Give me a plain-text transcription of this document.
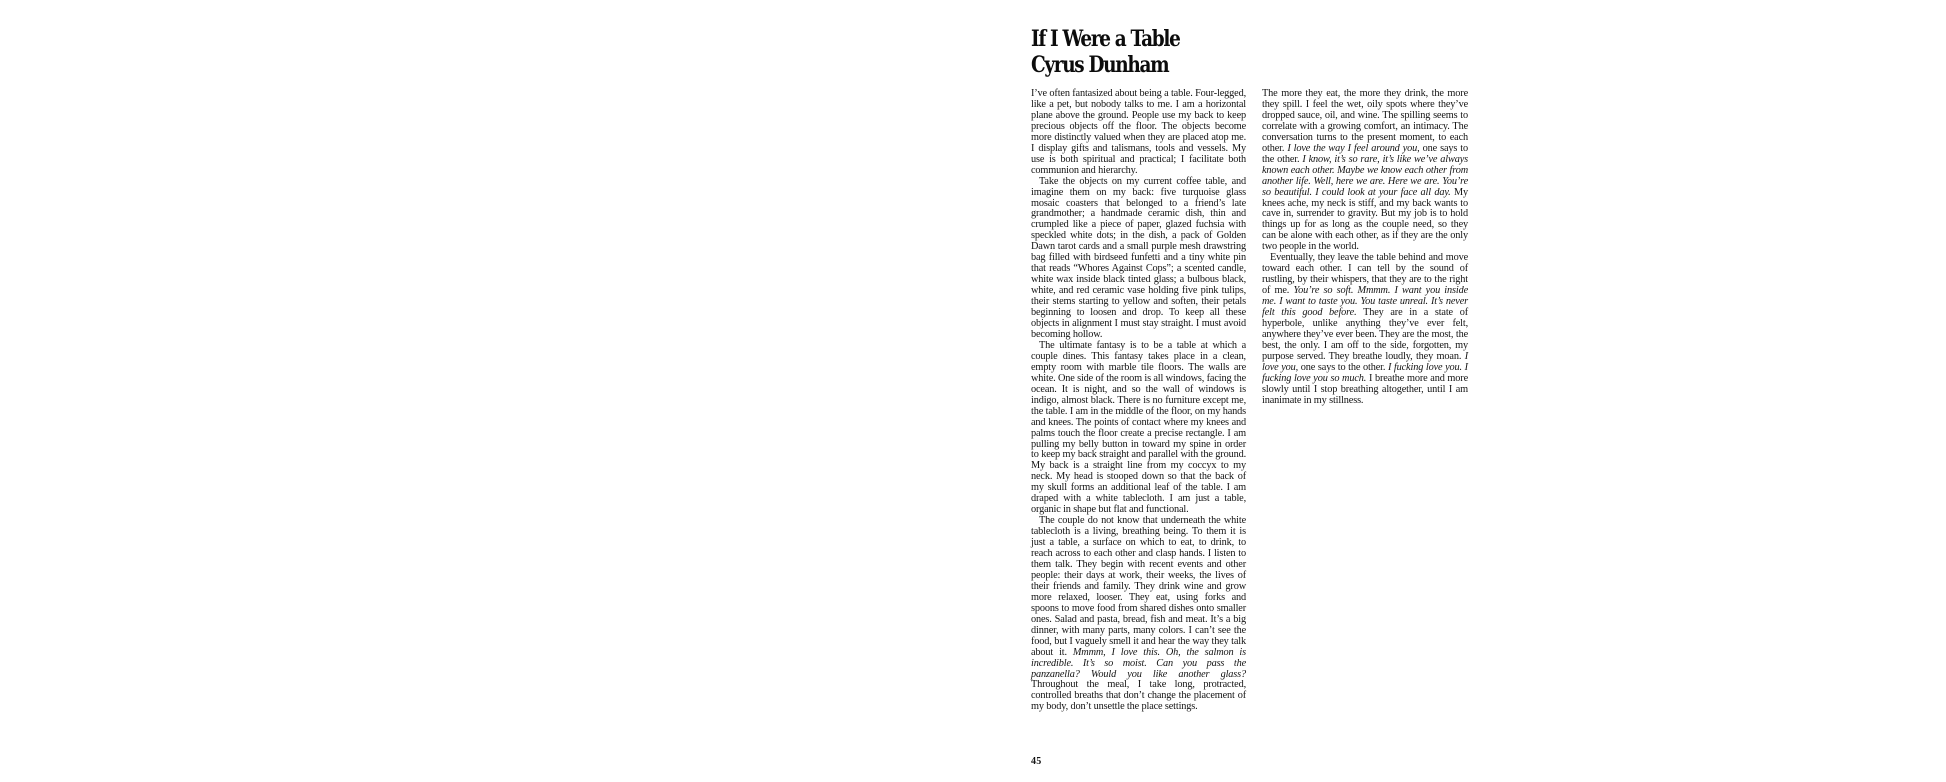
If I Were a Table
Cyrus Dunham

I’ve often fantasized about being a table. Four-legged, like a pet, but nobody talks to me. I am a horizontal plane above the ground. People use my back to keep precious objects off the floor. The objects become more distinctly valued when they are placed atop me. I display gifts and talismans, tools and vessels. My use is both spiritual and practical; I facilitate both communion and hierarchy.

Take the objects on my current coffee table, and imagine them on my back: five turquoise glass mosaic coasters that belonged to a friend’s late grandmother; a handmade ceramic dish, thin and crumpled like a piece of paper, glazed fuchsia with speckled white dots; in the dish, a pack of Golden Dawn tarot cards and a small purple mesh drawstring bag filled with birdseed funfetti and a tiny white pin that reads “Whores Against Cops”; a scented candle, white wax inside black tinted glass; a bulbous black, white, and red ceramic vase holding five pink tulips, their stems starting to yellow and soften, their petals beginning to loosen and drop. To keep all these objects in alignment I must stay straight. I must avoid becoming hollow.

The ultimate fantasy is to be a table at which a couple dines. This fantasy takes place in a clean, empty room with marble tile floors. The walls are white. One side of the room is all windows, facing the ocean. It is night, and so the wall of windows is indigo, almost black. There is no furniture except me, the table. I am in the middle of the floor, on my hands and knees. The points of contact where my knees and palms touch the floor create a precise rectangle. I am pulling my belly button in toward my spine in order to keep my back straight and parallel with the ground. My back is a straight line from my coccyx to my neck. My head is stooped down so that the back of my skull forms an additional leaf of the table. I am draped with a white tablecloth. I am just a table, organic in shape but flat and functional.

The couple do not know that underneath the white tablecloth is a living, breathing being. To them it is just a table, a surface on which to eat, to drink, to reach across to each other and clasp hands. I listen to them talk. They begin with recent events and other people: their days at work, their weeks, the lives of their friends and family. They drink wine and grow more relaxed, looser. They eat, using forks and spoons to move food from shared dishes onto smaller ones. Salad and pasta, bread, fish and meat. It’s a big dinner, with many parts, many colors. I can’t see the food, but I vaguely smell it and hear the way they talk about it. Mmmm, I love this. Oh, the salmon is incredible. It’s so moist. Can you pass the panzanella? Would you like another glass? Throughout the meal, I take long, protracted, controlled breaths that don’t change the placement of my body, don’t unsettle the place settings.

The more they eat, the more they drink, the more they spill. I feel the wet, oily spots where they’ve dropped sauce, oil, and wine. The spilling seems to correlate with a growing comfort, an intimacy. The conversation turns to the present moment, to each other. I love the way I feel around you, one says to the other. I know, it’s so rare, it’s like we’ve always known each other. Maybe we know each other from another life. Well, here we are. Here we are. You’re so beautiful. I could look at your face all day. My knees ache, my neck is stiff, and my back wants to cave in, surrender to gravity. But my job is to hold things up for as long as the couple need, so they can be alone with each other, as if they are the only two people in the world.

Eventually, they leave the table behind and move toward each other. I can tell by the sound of rustling, by their whispers, that they are to the right of me. You’re so soft. Mmmm. I want you inside me. I want to taste you. You taste unreal. It’s never felt this good before. They are in a state of hyperbole, unlike anything they’ve ever felt, anywhere they’ve ever been. They are the most, the best, the only. I am off to the side, forgotten, my purpose served. They breathe loudly, they moan. I love you, one says to the other. I fucking love you. I fucking love you so much. I breathe more and more slowly until I stop breathing altogether, until I am inanimate in my stillness.

45
